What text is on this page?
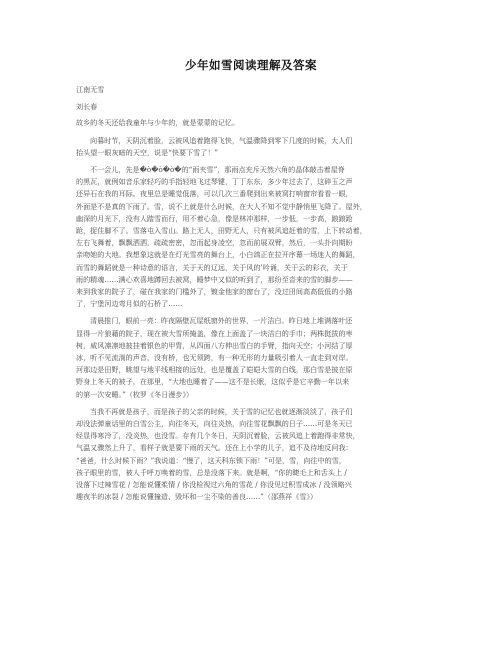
少年如雪阅读理解及答案
江南无雪
刘长春
故乡的冬天还给我童年与少年的，就是蒙蒙的记忆。
向暮时节，天阴沉着脸，云被风追着跑得飞快，气温骤降到零下几度的时候，大人们
抬头望一眼灰暗的天空，说是“快要下雪了！”
不一会儿，先是�ò�ò�ò�的“雨夹雪”，那雨点充斥天然六角的晶体敲击着屋脊
的黑瓦，就例如音乐家轻巧的手指轻地飞过琴键，丁丁东东，多少年过去了，这碎玉之声
还异石在我的耳际。夜里总是睡觉低落，可以几次三番爬到出来被窝打响窗帘看看一眼，
外面是不是真的下雨了。雪，说不上就是什么时候，在大人不知不觉中静悄里飞降了。屋外，
幽深的月光下，没有人踏雪而行，用不着心急，像是林冲那样，一步低，一步高，踉踉跄
跄，捉住脚不了。雪落屯入雪山。路上无人，田野无人，只有被风追赶着的雪，上下转动着，
左右飞舞着，飘飘洒洒，疏疏密密，忽而起身凌空，忽而前展双臂，然后，一头扑向期盼
亲吻她的大地。我想象这就是在灯光雪亮的舞台上，小白鸽正在拉开序幕一场迷人的舞蹈，
而雪的舞蹈就是一种诗意的语言，关于天的辽远，关于风的’吟诵，关于云的彩衣，关于
雨的精魂……满心欢喜地蹲回去被窝，睡梦中又似的听到了，那纷至沓来的雪的脚步——
来到我家的院子了，碰在我家的门槛外了，镀金他家的窗台了，没过田间高高低低的小路
了，宁堡河边弯月似的石桥了……
清晨推门，眼前一亮：昨夜隔壁瓦屋纸窗外的世界，一片洁白。昨日地上堆满落叶还
显得一片狼藉的院子，现在被大雪所掩盖，像在上面盖了一块洁白的手巾；两株挺拔的枣
树，威风凛凛地披挂着银色的甲胄，从四面八方伸出雪白的手臂，指向天空；小河结了厚
冰，听不见流淌的声音，没有桥，也无须跨，有一种无形的力量吸引着人一直走到对岸。
河那边是田野，眺望与地平线相接的远处，也是覆盖了皑皑大雪的白线，那白雪是披在原
野身上冬天的被子，在那里，“大地也睡着了——这不是长眠，这似乎是它辛勤一年以来
的第一次安睡。”（枚罗《冬日漫步》）
当我不再就是孩子，而是孩子的父亲的时候，关于雪的记忆也就逐渐淡淡了，孩子们
却没法弹童话里的白雪公主，向往冬天，向往炎热，向往雪花飘飘的日子……可是冬天已
经显得寒冷了，没炎热，也没雪。存有几个冬日，天阴沉着脸，云被风追上着跑得非常快，
气温又骤然上升了，看样子就是要下雨的天气。还在上小学的儿子，追不及待地反问我：
“爸爸，什么时候下雨？”我说道：“慢了，这天科东锁下雨！”可是，雪，向往中的雪，
孩子眼里的雪，被人千呼万唤着的雪，总是没落下来。就是啊，“你的睫毛上和舌头上 /
没落下过辣雪花 / 怎能说懂柔情 / 你没检视过六角的雪花 / 你没见过积雪成冰 / 没领略兴
趣夜半的冰裂 / 怎能说懂撞造、毁坏和一尘不染的善良……”（邵燕祥《雪》）
